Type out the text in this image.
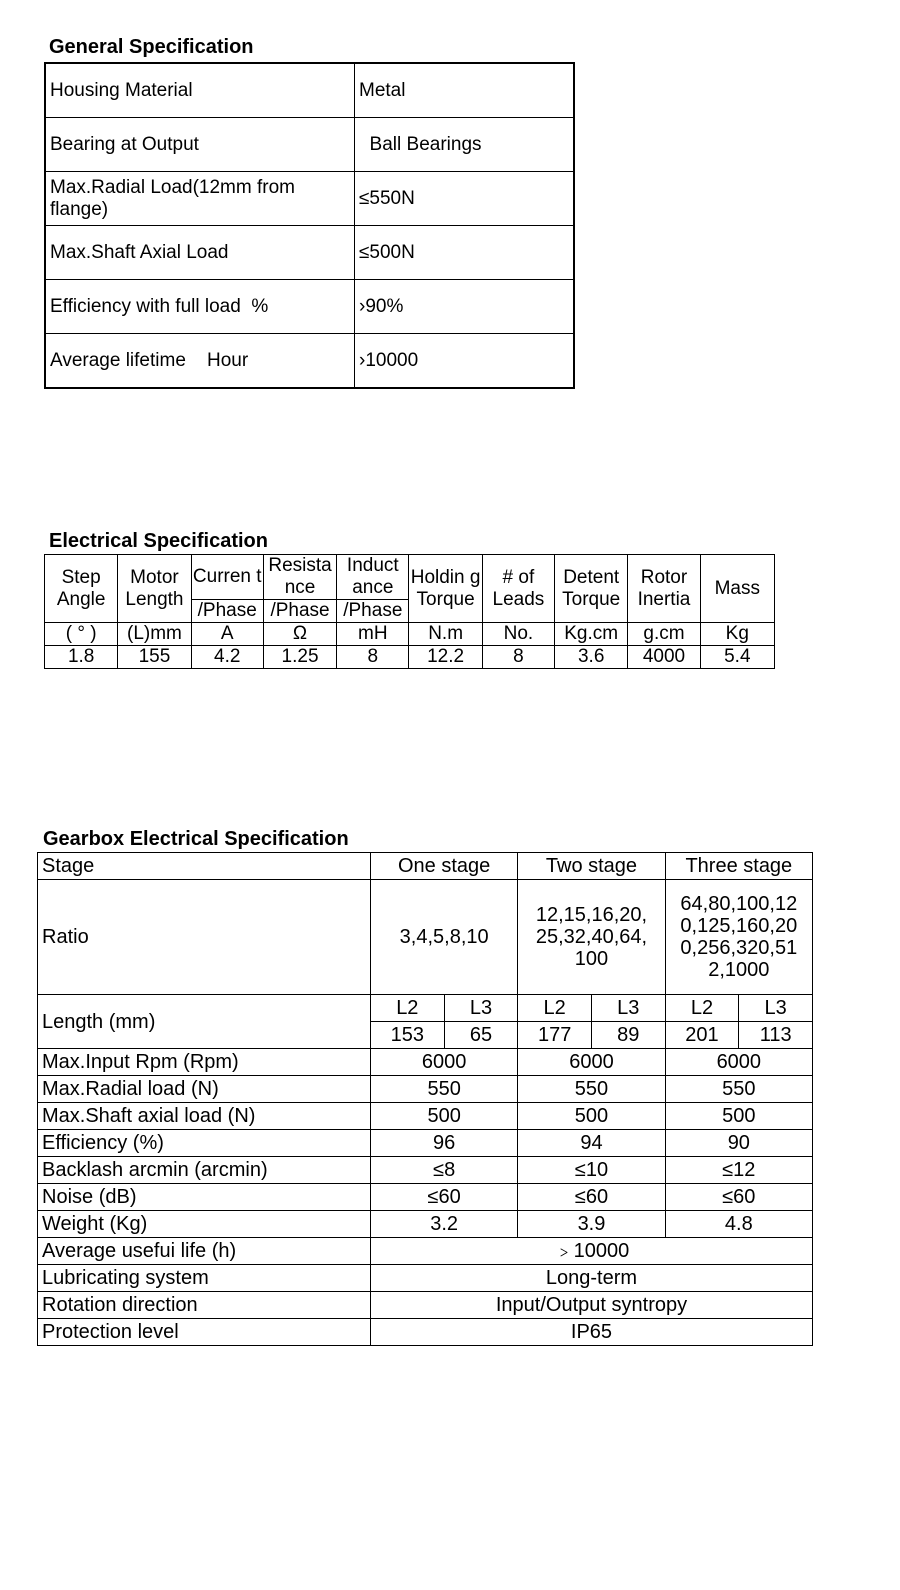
General Specification
Housing Material	Metal
Bearing at Output	Ball Bearings
Max.Radial Load(12mm from flange)	≤550N
Max.Shaft Axial Load	≤500N
Efficiency with full load  %	›90%
Average lifetime    Hour	›10000
Electrical Specification
Step Angle	Motor Length	Curren t	Resista nce	Induct ance	Holdin g Torque	# of Leads	Detent Torque	Rotor Inertia	Mass

		/Phase	/Phase	/Phase					
( ° )	(L)mm	A	Ω	mH	N.m	No.	Kg.cm	g.cm	Kg
1.8	155	4.2	1.25	8	12.2	8	3.6	4000	5.4
Gearbox Electrical Specification
Stage	One stage		Two stage		Three stage	
Ratio	3,4,5,8,10		12,15,16,20, 25,32,40,64, 100		64,80,100,12 0,125,160,20 0,256,320,51 2,1000	
Length (mm)	L2	L3	L2	L3	L2	L3
	153	65	177	89	201	113
Max.Input Rpm (Rpm)	6000		6000		6000	
Max.Radial load (N)	550		550		550	
Max.Shaft axial load (N)	500		500		500	
Efficiency (%)	96		94		90	
Backlash arcmin (arcmin)	≤8		≤10		≤12	
Noise (dB)	≤60		≤60		≤60	
Weight (Kg)	3.2		3.9		4.8	
Average usefui life (h)	﹥10000					
Lubricating system	Long-term					
Rotation direction	Input/Output syntropy					
Protection level	IP65					
